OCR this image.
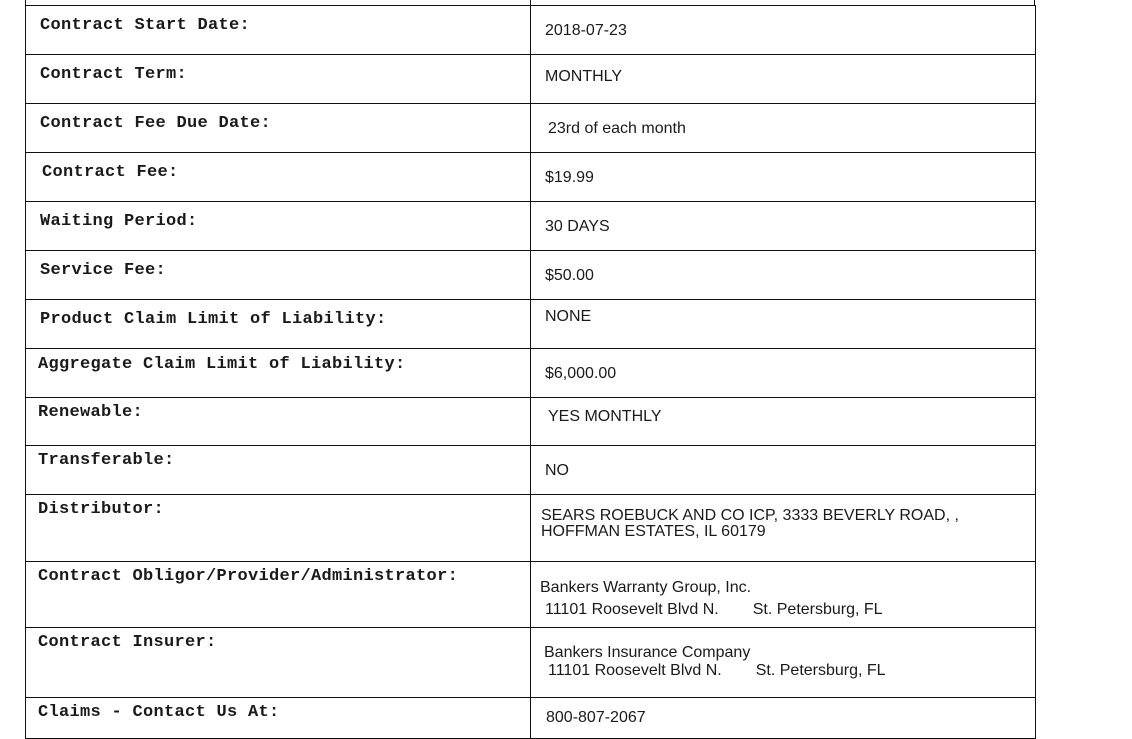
Contract Start Date:	2018-07-23

Contract Term:	MONTHLY

Contract Fee Due Date:	23rd of each month

Contract Fee:	$19.99

Waiting Period:	30 DAYS

Service Fee:	$50.00

Product Claim Limit of Liability:	NONE

Aggregate Claim Limit of Liability:	$6,000.00

Renewable:	YES MONTHLY

Transferable:	NO

Distributor:	SEARS ROEBUCK AND CO ICP, 3333 BEVERLY ROAD, ,
HOFFMAN ESTATES, IL 60179

Contract Obligor/Provider/Administrator:	Bankers Warranty Group, Inc.
11101 Roosevelt Blvd N. St. Petersburg, FL

Contract Insurer:	Bankers Insurance Company
11101 Roosevelt Blvd N. St. Petersburg, FL

Claims - Contact Us At:	800-807-2067
